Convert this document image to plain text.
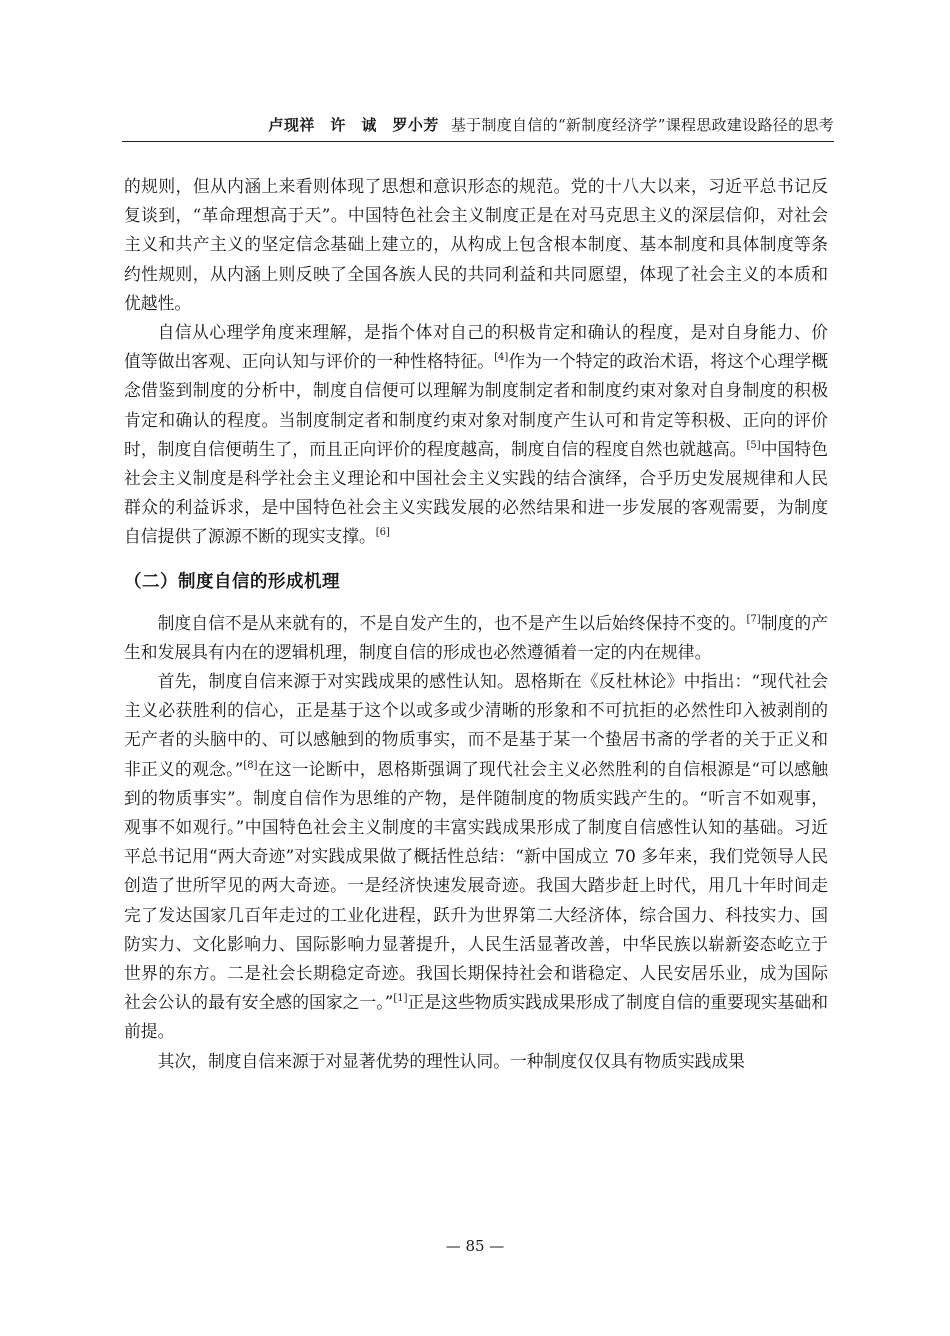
卢现祥　许　诚　罗小芳 基于制度自信的“新制度经济学”课程思政建设路径的思考

的规则，但从内涵上来看则体现了思想和意识形态的规范。党的十八大以来，习近平总书记反复谈到，“革命理想高于天”。中国特色社会主义制度正是在对马克思主义的深层信仰，对社会主义和共产主义的坚定信念基础上建立的，从构成上包含根本制度、基本制度和具体制度等条约性规则，从内涵上则反映了全国各族人民的共同利益和共同愿望，体现了社会主义的本质和优越性。

自信从心理学角度来理解，是指个体对自己的积极肯定和确认的程度，是对自身能力、价值等做出客观、正向认知与评价的一种性格特征。[4]作为一个特定的政治术语，将这个心理学概念借鉴到制度的分析中，制度自信便可以理解为制度制定者和制度约束对象对自身制度的积极肯定和确认的程度。当制度制定者和制度约束对象对制度产生认可和肯定等积极、正向的评价时，制度自信便萌生了，而且正向评价的程度越高，制度自信的程度自然也就越高。[5]中国特色社会主义制度是科学社会主义理论和中国社会主义实践的结合演绎，合乎历史发展规律和人民群众的利益诉求，是中国特色社会主义实践发展的必然结果和进一步发展的客观需要，为制度自信提供了源源不断的现实支撑。[6]

（二）制度自信的形成机理

制度自信不是从来就有的，不是自发产生的，也不是产生以后始终保持不变的。[7]制度的产生和发展具有内在的逻辑机理，制度自信的形成也必然遵循着一定的内在规律。

首先，制度自信来源于对实践成果的感性认知。恩格斯在《反杜林论》中指出：“现代社会主义必获胜利的信心，正是基于这个以或多或少清晰的形象和不可抗拒的必然性印入被剥削的无产者的头脑中的、可以感触到的物质事实，而不是基于某一个蛰居书斋的学者的关于正义和非正义的观念。”[8]在这一论断中，恩格斯强调了现代社会主义必然胜利的自信根源是“可以感触到的物质事实”。制度自信作为思维的产物，是伴随制度的物质实践产生的。“听言不如观事，观事不如观行。”中国特色社会主义制度的丰富实践成果形成了制度自信感性认知的基础。习近平总书记用“两大奇迹”对实践成果做了概括性总结：“新中国成立 70 多年来，我们党领导人民创造了世所罕见的两大奇迹。一是经济快速发展奇迹。我国大踏步赶上时代，用几十年时间走完了发达国家几百年走过的工业化进程，跃升为世界第二大经济体，综合国力、科技实力、国防实力、文化影响力、国际影响力显著提升，人民生活显著改善，中华民族以崭新姿态屹立于世界的东方。二是社会长期稳定奇迹。我国长期保持社会和谐稳定、人民安居乐业，成为国际社会公认的最有安全感的国家之一。”[1]正是这些物质实践成果形成了制度自信的重要现实基础和前提。

其次，制度自信来源于对显著优势的理性认同。一种制度仅仅具有物质实践成果

— 85 —
